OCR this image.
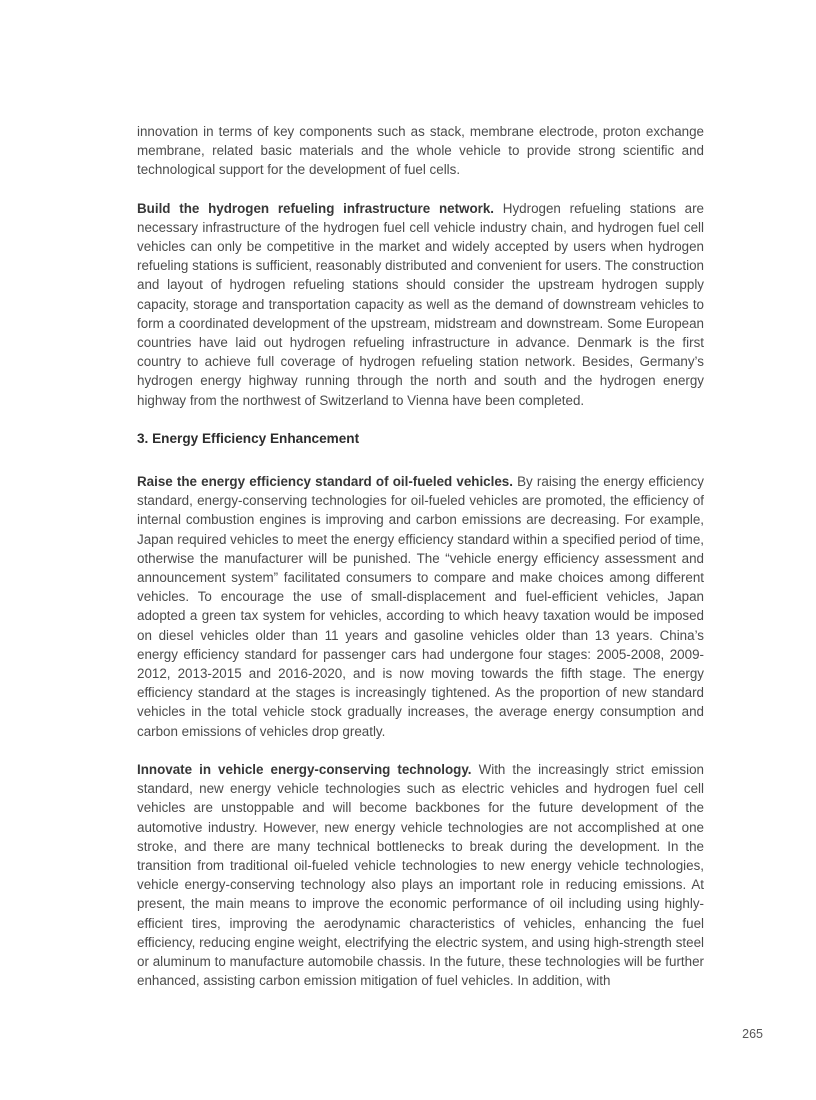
innovation in terms of key components such as stack, membrane electrode, proton exchange membrane, related basic materials and the whole vehicle to provide strong scientific and technological support for the development of fuel cells.

Build the hydrogen refueling infrastructure network. Hydrogen refueling stations are necessary infrastructure of the hydrogen fuel cell vehicle industry chain, and hydrogen fuel cell vehicles can only be competitive in the market and widely accepted by users when hydrogen refueling stations is sufficient, reasonably distributed and convenient for users. The construction and layout of hydrogen refueling stations should consider the upstream hydrogen supply capacity, storage and transportation capacity as well as the demand of downstream vehicles to form a coordinated development of the upstream, midstream and downstream. Some European countries have laid out hydrogen refueling infrastructure in advance. Denmark is the first country to achieve full coverage of hydrogen refueling station network. Besides, Germany’s hydrogen energy highway running through the north and south and the hydrogen energy highway from the northwest of Switzerland to Vienna have been completed.

3. Energy Efficiency Enhancement

Raise the energy efficiency standard of oil-fueled vehicles. By raising the energy efficiency standard, energy-conserving technologies for oil-fueled vehicles are promoted, the efficiency of internal combustion engines is improving and carbon emissions are decreasing. For example, Japan required vehicles to meet the energy efficiency standard within a specified period of time, otherwise the manufacturer will be punished. The “vehicle energy efficiency assessment and announcement system” facilitated consumers to compare and make choices among different vehicles. To encourage the use of small-displacement and fuel-efficient vehicles, Japan adopted a green tax system for vehicles, according to which heavy taxation would be imposed on diesel vehicles older than 11 years and gasoline vehicles older than 13 years. China’s energy efficiency standard for passenger cars had undergone four stages: 2005-2008, 2009-2012, 2013-2015 and 2016-2020, and is now moving towards the fifth stage. The energy efficiency standard at the stages is increasingly tightened. As the proportion of new standard vehicles in the total vehicle stock gradually increases, the average energy consumption and carbon emissions of vehicles drop greatly.

Innovate in vehicle energy-conserving technology. With the increasingly strict emission standard, new energy vehicle technologies such as electric vehicles and hydrogen fuel cell vehicles are unstoppable and will become backbones for the future development of the automotive industry. However, new energy vehicle technologies are not accomplished at one stroke, and there are many technical bottlenecks to break during the development. In the transition from traditional oil-fueled vehicle technologies to new energy vehicle technologies, vehicle energy-conserving technology also plays an important role in reducing emissions. At present, the main means to improve the economic performance of oil including using highly-efficient tires, improving the aerodynamic characteristics of vehicles, enhancing the fuel efficiency, reducing engine weight, electrifying the electric system, and using high-strength steel or aluminum to manufacture automobile chassis. In the future, these technologies will be further enhanced, assisting carbon emission mitigation of fuel vehicles. In addition, with

265
